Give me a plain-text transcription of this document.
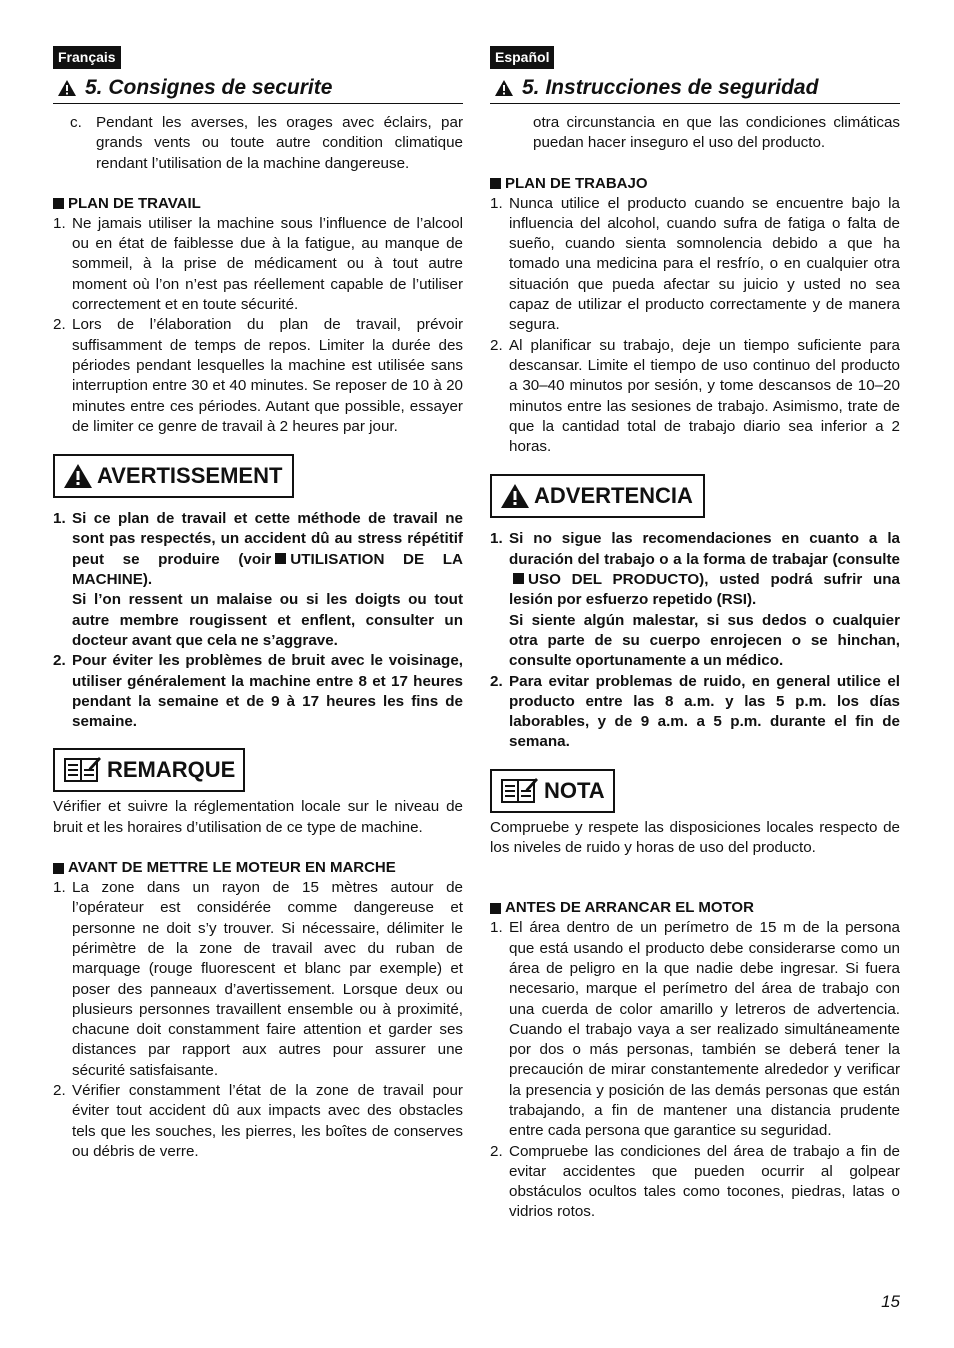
Français
5. Consignes de securite
c. Pendant les averses, les orages avec éclairs, par grands vents ou toute autre condition climatique rendant l’utilisation de la machine dangereuse.
PLAN DE TRAVAIL
1. Ne jamais utiliser la machine sous l’influence de l’alcool ou en état de faiblesse due à la fatigue, au manque de sommeil, à la prise de médicament ou à tout autre moment où l’on n’est pas réellement capable de l’utiliser correctement et en toute sécurité.
2. Lors de l’élaboration du plan de travail, prévoir suffisamment de temps de repos. Limiter la durée des périodes pendant lesquelles la machine est utilisée sans interruption entre 30 et 40 minutes. Se reposer de 10 à 20 minutes entre ces périodes. Autant que possible, essayer de limiter ce genre de travail à 2 heures par jour.
AVERTISSEMENT
1. Si ce plan de travail et cette méthode de travail ne sont pas respectés, un accident dû au stress répétitif peut se produire (voir UTILISATION DE LA MACHINE).
Si l’on ressent un malaise ou si les doigts ou tout autre membre rougissent et enflent, consulter un docteur avant que cela ne s’aggrave.
2. Pour éviter les problèmes de bruit avec le voisinage, utiliser généralement la machine entre 8 et 17 heures pendant la semaine et de 9 à 17 heures les fins de semaine.
REMARQUE
Vérifier et suivre la réglementation locale sur le niveau de bruit et les horaires d’utilisation de ce type de machine.
AVANT DE METTRE LE MOTEUR EN MARCHE
1. La zone dans un rayon de 15 mètres autour de l’opérateur est considérée comme dangereuse et personne ne doit s’y trouver. Si nécessaire, délimiter le périmètre de la zone de travail avec du ruban de marquage (rouge fluorescent et blanc par exemple) et poser des panneaux d’avertissement. Lorsque deux ou plusieurs personnes travaillent ensemble ou à proximité, chacune doit constamment faire attention et garder ses distances par rapport aux autres pour assurer une sécurité satisfaisante.
2. Vérifier constamment l’état de la zone de travail pour éviter tout accident dû aux impacts avec des obstacles tels que les souches, les pierres, les boîtes de conserves ou débris de verre.
Español
5. Instrucciones de seguridad
otra circunstancia en que las condiciones climáticas puedan hacer inseguro el uso del producto.
PLAN DE TRABAJO
1. Nunca utilice el producto cuando se encuentre bajo la influencia del alcohol, cuando sufra de fatiga o falta de sueño, cuando sienta somnolencia debido a que ha tomado una medicina para el resfrío, o en cualquier otra situación que pueda afectar su juicio y usted no sea capaz de utilizar el producto correctamente y de manera segura.
2. Al planificar su trabajo, deje un tiempo suficiente para descansar. Limite el tiempo de uso continuo del producto a 30–40 minutos por sesión, y tome descansos de 10–20 minutos entre las sesiones de trabajo. Asimismo, trate de que la cantidad total de trabajo diario sea inferior a 2 horas.
ADVERTENCIA
1. Si no sigue las recomendaciones en cuanto a la duración del trabajo o a la forma de trabajar (consulteUSO DEL PRODUCTO), usted podrá sufrir una lesión por esfuerzo repetido (RSI).
Si siente algún malestar, si sus dedos o cualquier otra parte de su cuerpo enrojecen o se hinchan, consulte oportunamente a un médico.
2. Para evitar problemas de ruido, en general utilice el producto entre las 8 a.m. y las 5 p.m. los días laborables, y de 9 a.m. a 5 p.m. durante el fin de semana.
NOTA
Compruebe y respete las disposiciones locales respecto de los niveles de ruido y horas de uso del producto.
ANTES DE ARRANCAR EL MOTOR
1. El área dentro de un perímetro de 15 m de la persona que está usando el producto debe considerarse como un área de peligro en la que nadie debe ingresar. Si fuera necesario, marque el perímetro del área de trabajo con una cuerda de color amarillo y letreros de advertencia. Cuando el trabajo vaya a ser realizado simultáneamente por dos o más personas, también se deberá tener la precaución de mirar constantemente alrededor y verificar la presencia y posición de las demás personas que están trabajando, a fin de mantener una distancia prudente entre cada persona que garantice su seguridad.
2. Compruebe las condiciones del área de trabajo a fin de evitar accidentes que pueden ocurrir al golpear obstáculos ocultos tales como tocones, piedras, latas o vidrios rotos.
15
